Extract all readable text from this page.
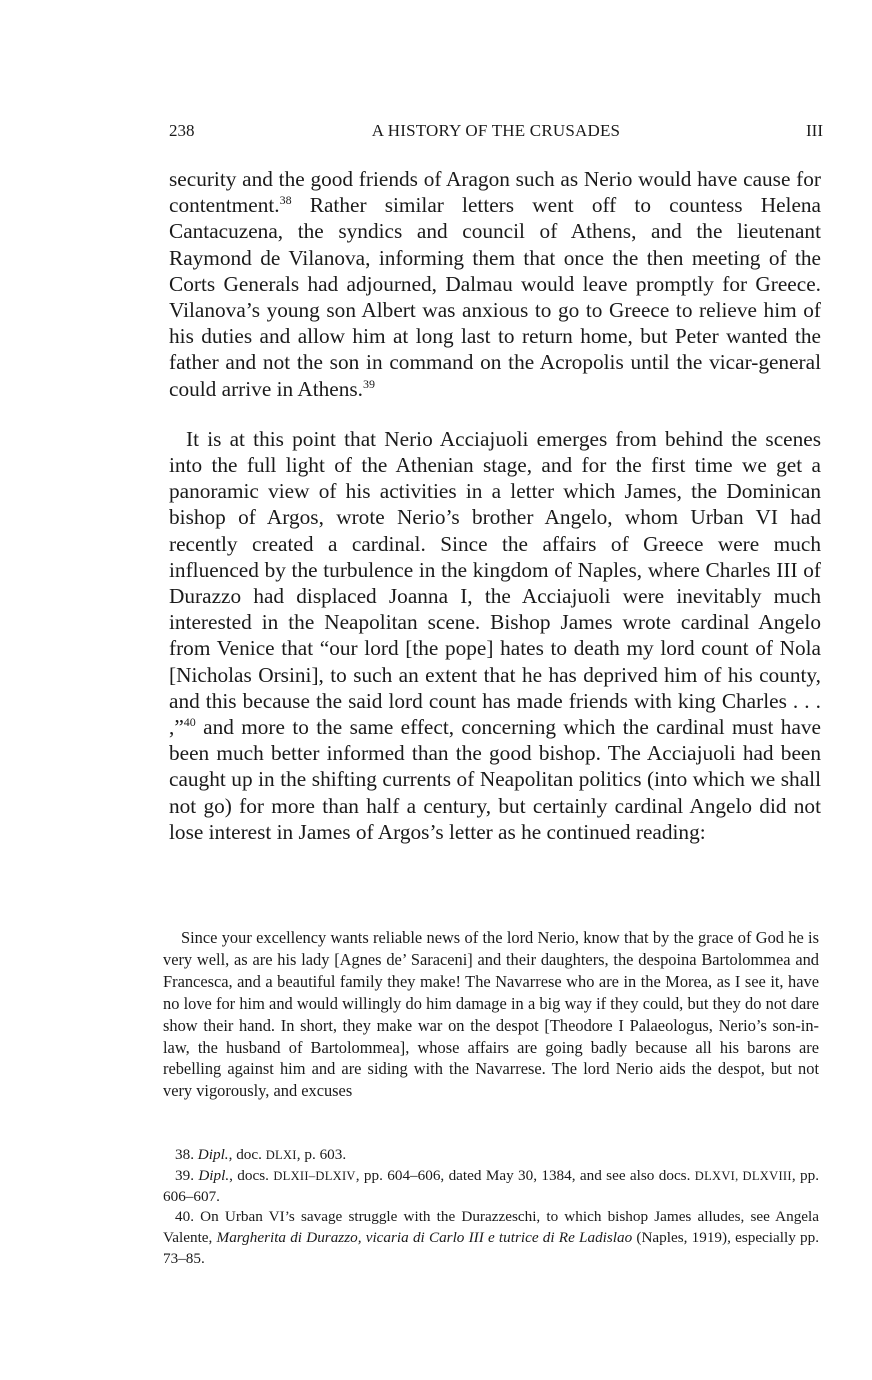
238	A HISTORY OF THE CRUSADES	III

security and the good friends of Aragon such as Nerio would have cause for contentment.$^{38}$ Rather similar letters went off to countess Helena Cantacuzena, the syndics and council of Athens, and the lieutenant Raymond de Vilanova, informing them that once the then meeting of the Corts Generals had adjourned, Dalmau would leave promptly for Greece. Vilanova’s young son Albert was anxious to go to Greece to relieve him of his duties and allow him at long last to return home, but Peter wanted the father and not the son in command on the Acropolis until the vicar-general could arrive in Athens.$^{39}$

It is at this point that Nerio Acciajuoli emerges from behind the scenes into the full light of the Athenian stage, and for the first time we get a panoramic view of his activities in a letter which James, the Dominican bishop of Argos, wrote Nerio’s brother Angelo, whom Urban VI had recently created a cardinal. Since the affairs of Greece were much influenced by the turbulence in the kingdom of Naples, where Charles III of Durazzo had displaced Joanna I, the Acciajuoli were inevitably much interested in the Neapolitan scene. Bishop James wrote cardinal Angelo from Venice that “our lord [the pope] hates to death my lord count of Nola [Nicholas Orsini], to such an extent that he has deprived him of his county, and this because the said lord count has made friends with king Charles . . . ,”$^{40}$ and more to the same effect, concerning which the cardinal must have been much better informed than the good bishop. The Acciajuoli had been caught up in the shifting currents of Neapolitan politics (into which we shall not go) for more than half a century, but certainly cardinal Angelo did not lose interest in James of Argos’s letter as he continued reading:

Since your excellency wants reliable news of the lord Nerio, know that by the grace of God he is very well, as are his lady [Agnes de’ Saraceni] and their daughters, the despoina Bartolommea and Francesca, and a beautiful family they make! The Navarrese who are in the Morea, as I see it, have no love for him and would willingly do him damage in a big way if they could, but they do not dare show their hand. In short, they make war on the despot [Theodore I Palaeologus, Nerio’s son-in-law, the husband of Bartolommea], whose affairs are going badly because all his barons are rebelling against him and are siding with the Navarrese. The lord Nerio aids the despot, but not very vigorously, and excuses

38. Dipl., doc. DLXI, p. 603.

39. Dipl., docs. DLXII–DLXIV, pp. 604–606, dated May 30, 1384, and see also docs. DLXVI, DLXVIII, pp. 606–607.

40. On Urban VI’s savage struggle with the Durazzeschi, to which bishop James alludes, see Angela Valente, Margherita di Durazzo, vicaria di Carlo III e tutrice di Re Ladislao (Naples, 1919), especially pp. 73–85.
